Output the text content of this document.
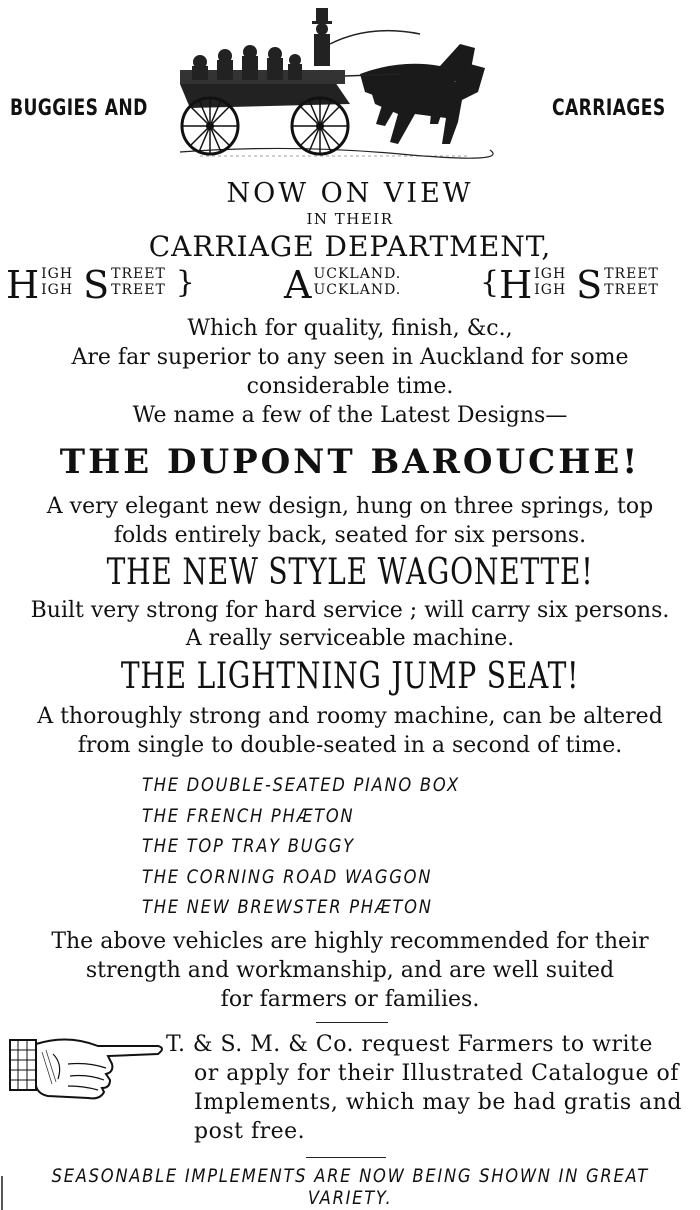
BUGGIES AND	CARRIAGES
NOW ON VIEW
IN THEIR
CARRIAGE DEPARTMENT,
H IGH
IGH S TREET
TREET } A UCKLAND.
UCKLAND.	{ H IGH
IGH S TREET
TREET
Which for quality, finish, &c.,
Are far superior to any seen in Auckland for some
considerable time.
We name a few of the Latest Designs—
THE DUPONT BAROUCHE!
A very elegant new design, hung on three springs, top
folds entirely back, seated for six persons.
THE NEW STYLE WAGONETTE!
Built very strong for hard service ; will carry six persons.
A really serviceable machine.
THE LIGHTNING JUMP SEAT!
A thoroughly strong and roomy machine, can be altered
from single to double-seated in a second of time.
THE DOUBLE-SEATED PIANO BOX
THE FRENCH PHÆTON
THE TOP TRAY BUGGY
THE CORNING ROAD WAGGON
THE NEW BREWSTER PHÆTON
The above vehicles are highly recommended for their
strength and workmanship, and are well suited
for farmers or families.
T. & S. M. & Co. request Farmers to write
or apply for their Illustrated Catalogue of
Implements, which may be had gratis and
post free.
SEASONABLE IMPLEMENTS ARE NOW BEING SHOWN IN GREAT
VARIETY.
